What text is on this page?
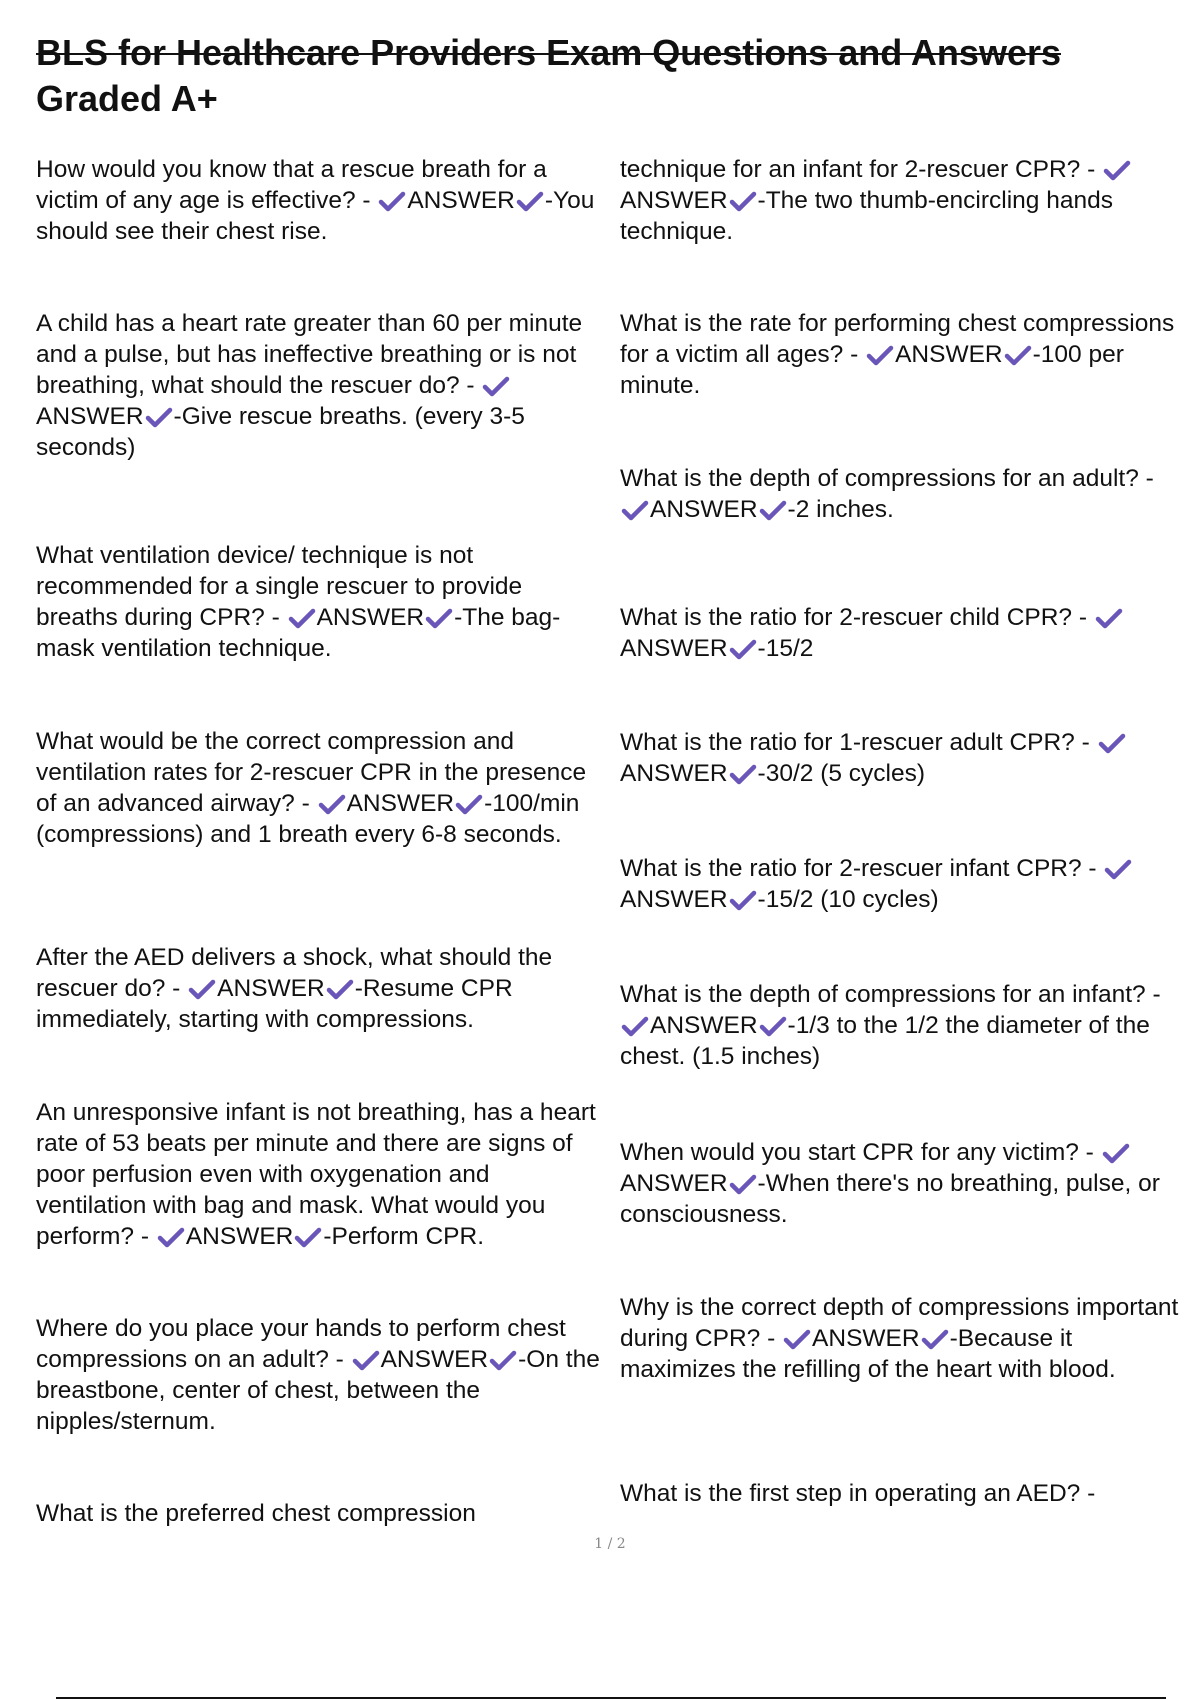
BLS for Healthcare Providers Exam Questions and Answers
Graded A+

How would you know that a rescue breath for a victim of any age is effective? - ANSWER -You should see their chest rise.

A child has a heart rate greater than 60 per minute and a pulse, but has ineffective breathing or is not breathing, what should the rescuer do? -
ANSWER -Give rescue breaths. (every 3-5 seconds)

What ventilation device/ technique is not recommended for a single rescuer to provide breaths during CPR? - ANSWER -The bag-mask ventilation technique.

What would be the correct compression and ventilation rates for 2-rescuer CPR in the presence of an advanced airway? - ANSWER -100/min (compressions) and 1 breath every 6-8 seconds.

After the AED delivers a shock, what should the rescuer do? - ANSWER -Resume CPR immediately, starting with compressions.

An unresponsive infant is not breathing, has a heart rate of 53 beats per minute and there are signs of poor perfusion even with oxygenation and ventilation with bag and mask. What would you perform? - ANSWER -Perform CPR.

Where do you place your hands to perform chest compressions on an adult? - ANSWER -On the breastbone, center of chest, between the nipples/sternum.

What is the preferred chest compression

technique for an infant for 2-rescuer CPR? -
ANSWER -The two thumb-encircling hands technique.

What is the rate for performing chest compressions for a victim all ages? - ANSWER -100 per minute.

What is the depth of compressions for an adult? -
ANSWER -2 inches.

What is the ratio for 2-rescuer child CPR? -
ANSWER -15/2

What is the ratio for 1-rescuer adult CPR? -
ANSWER -30/2 (5 cycles)

What is the ratio for 2-rescuer infant CPR? -
ANSWER -15/2 (10 cycles)

What is the depth of compressions for an infant? -
ANSWER -1/3 to the 1/2 the diameter of the chest. (1.5 inches)

When would you start CPR for any victim? -
ANSWER -When there's no breathing, pulse, or consciousness.

Why is the correct depth of compressions important during CPR? - ANSWER -Because it maximizes the refilling of the heart with blood.

What is the first step in operating an AED? -

1 / 2
